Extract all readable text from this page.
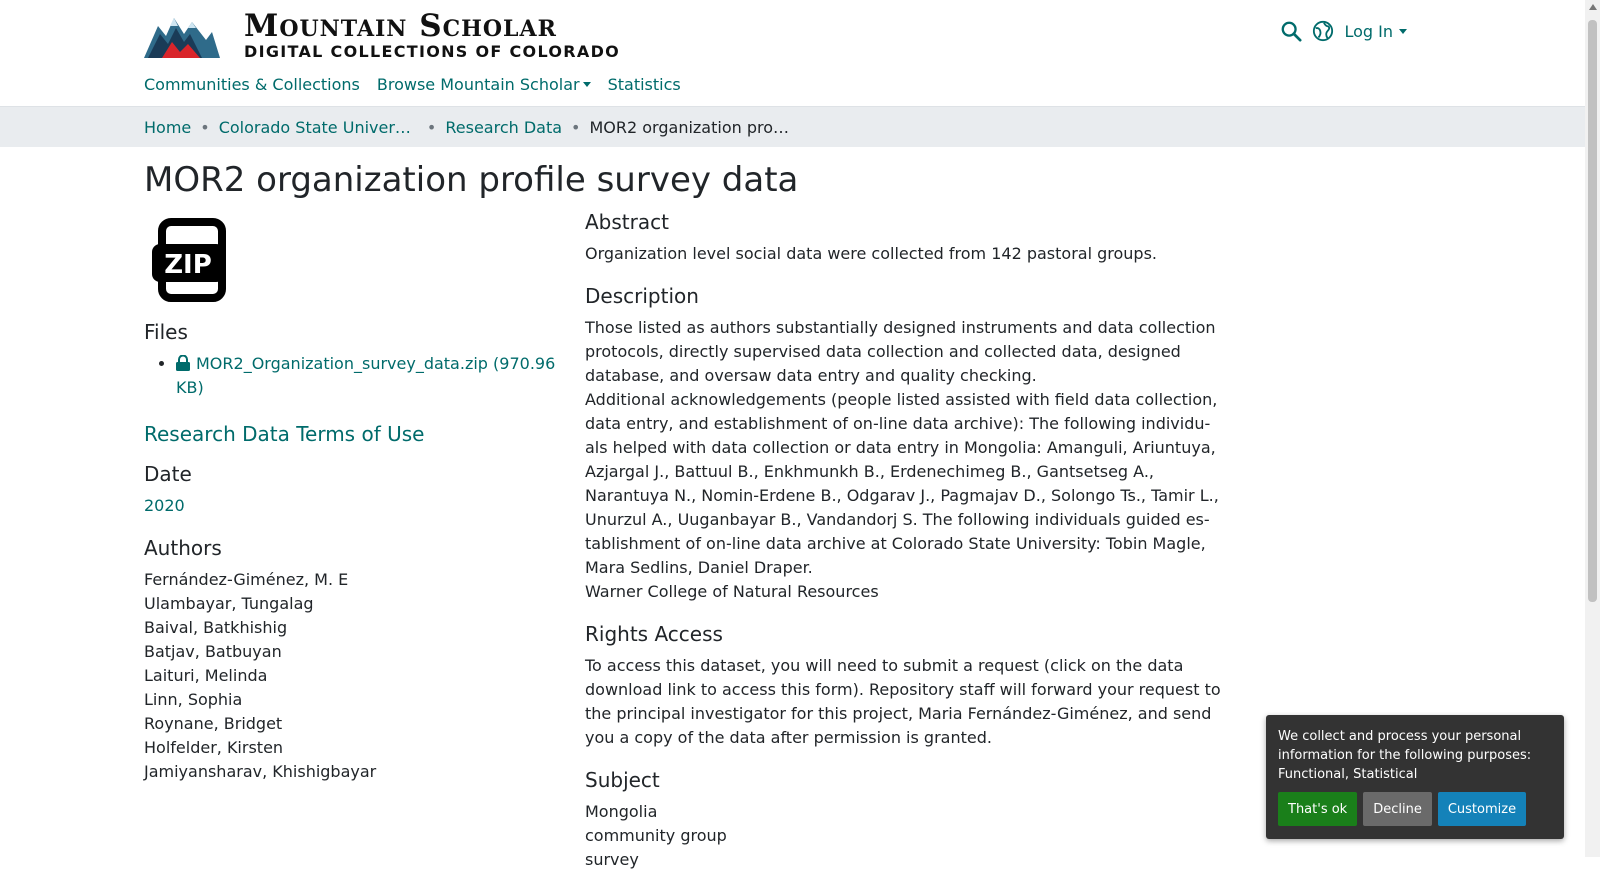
Mountain Scholar
DIGITAL COLLECTIONS OF COLORADO
Log In
Communities & Collections Browse Mountain Scholar Statistics
Home • Colorado State Univer…	• Research Data • MOR2 organization pro…
MOR2 organization profile survey data
ZIP
Files
• MOR2_Organization_survey_data.zip (970.96 KB)
Research Data Terms of Use
Date
2020
Authors
Fernández-Giménez, M. E
Ulambayar, Tungalag
Baival, Batkhishig
Batjav, Batbuyan
Laituri, Melinda
Linn, Sophia
Roynane, Bridget
Holfelder, Kirsten
Jamiyansharav, Khishigbayar
Abstract

Organization level social data were collected from 142 pastoral groups.

Description

Those listed as authors substantially designed instruments and data collection protocols, directly supervised data collection and collected data, designed database, and oversaw data entry and quality checking.

Additional acknowledgements (people listed assisted with field data collection, data entry, and establishment of on-line data archive): The following individu-als helped with data collection or data entry in Mongolia: Amanguli, Ariuntuya, Azjargal J., Battuul B., Enkhmunkh B., Erdenechimeg B., Gantsetseg A., Narantuya N., Nomin-Erdene B., Odgarav J., Pagmajav D., Solongo Ts., Tamir L., Unurzul A., Uuganbayar B., Vandandorj S. The following individuals guided es-tablishment of on-line data archive at Colorado State University: Tobin Magle, Mara Sedlins, Daniel Draper.

Warner College of Natural Resources

Rights Access

To access this dataset, you will need to submit a request (click on the data download link to access this form). Repository staff will forward your request to the principal investigator for this project, Maria Fernández-Giménez, and send you a copy of the data after permission is granted.

Subject

Mongolia

community group

survey

We collect and process your personal information for the following purposes: Functional, Statistical

That's ok	Decline	Customize
